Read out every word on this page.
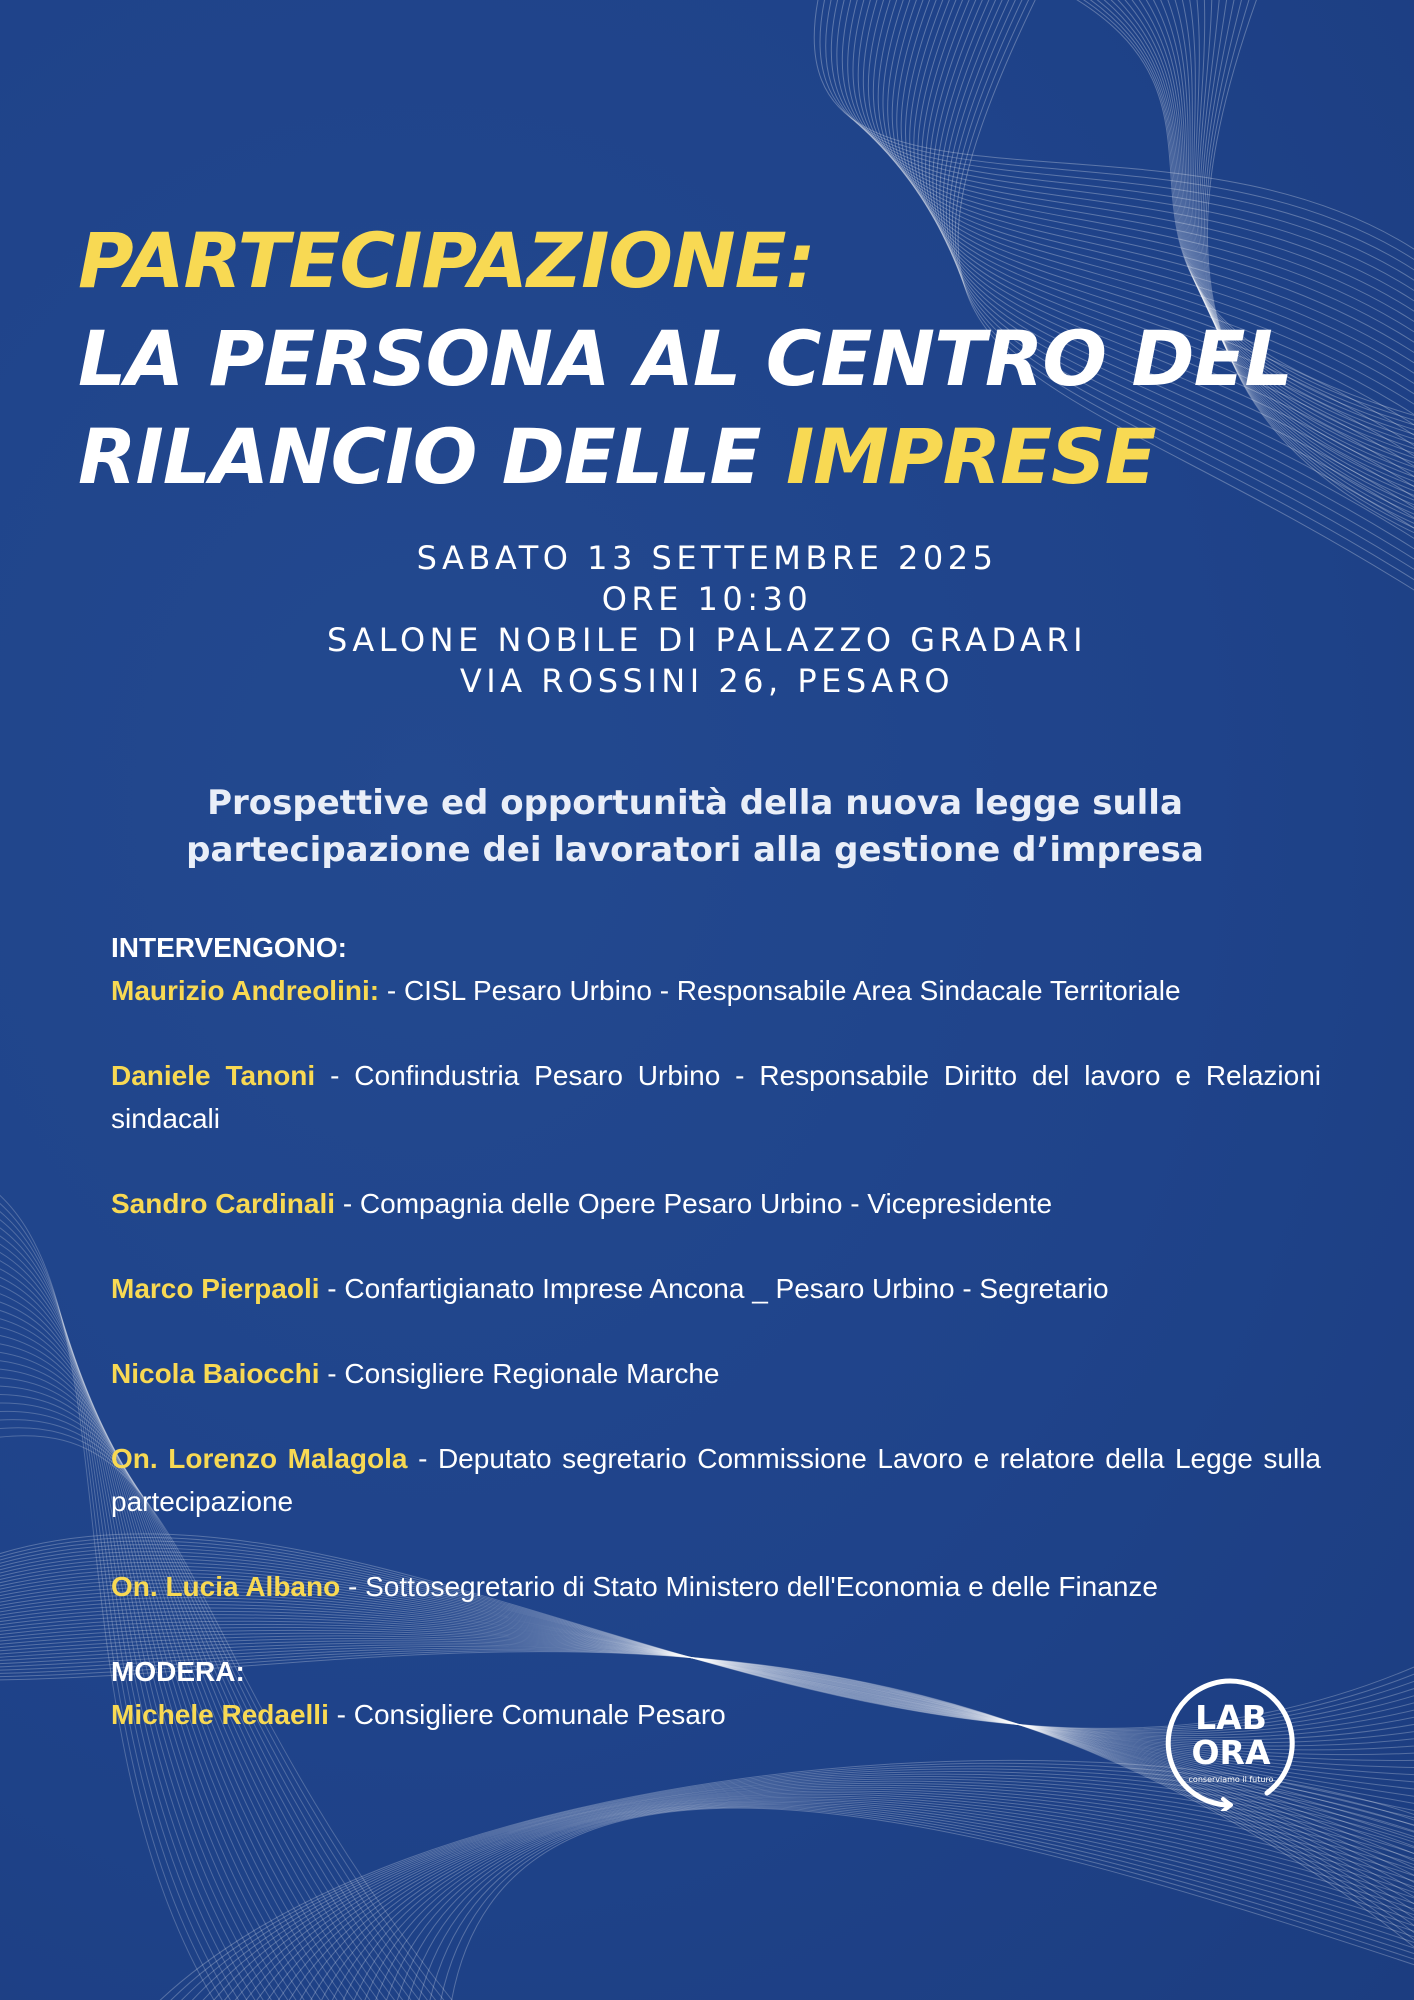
PARTECIPAZIONE:
LA PERSONA AL CENTRO DEL
RILANCIO DELLE IMPRESE
SABATO 13 SETTEMBRE 2025
ORE 10:30
SALONE NOBILE DI PALAZZO GRADARI
VIA ROSSINI 26, PESARO
Prospettive ed opportunità della nuova legge sulla
partecipazione dei lavoratori alla gestione d’impresa

INTERVENGONO:

Maurizio Andreolini: - CISL Pesaro Urbino - Responsabile Area Sindacale Territoriale

Daniele Tanoni - Confindustria Pesaro Urbino - Responsabile Diritto del lavoro e Relazioni sindacali

Sandro Cardinali - Compagnia delle Opere Pesaro Urbino - Vicepresidente

Marco Pierpaoli - Confartigianato Imprese Ancona _ Pesaro Urbino - Segretario

Nicola Baiocchi - Consigliere Regionale Marche

On. Lorenzo Malagola - Deputato segretario Commissione Lavoro e relatore della Legge sulla partecipazione

On. Lucia Albano - Sottosegretario di Stato Ministero dell'Economia e delle Finanze

MODERA:

Michele Redaelli - Consigliere Comunale Pesaro	LAB
ORA
conserviamo il futuro
